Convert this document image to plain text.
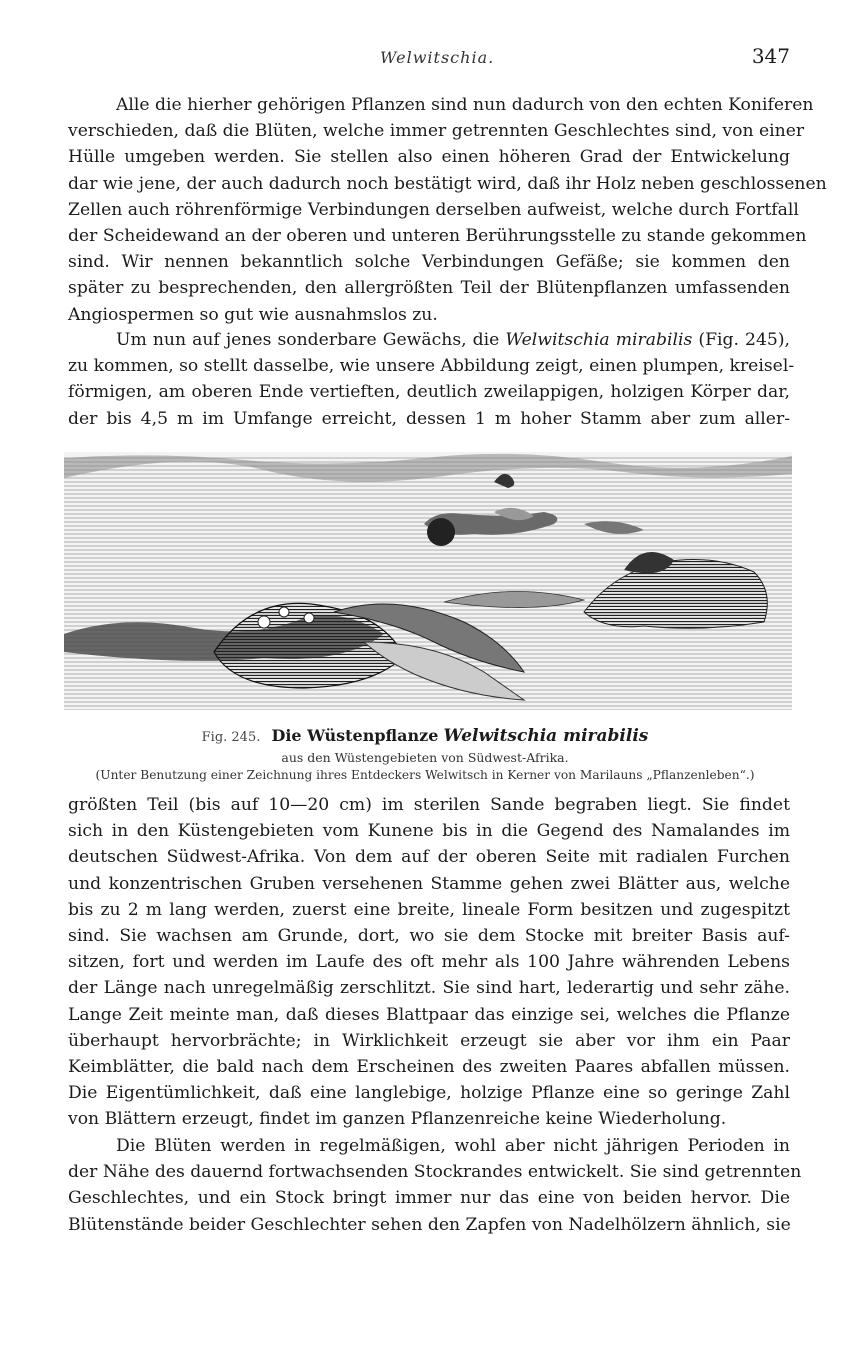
Welwitschia.	347
Alle die hierher gehörigen Pflanzen sind nun dadurch von den echten Koniferen
verschieden, daß die Blüten, welche immer getrennten Geschlechtes sind, von einer
Hülle umgeben werden. Sie stellen also einen höheren Grad der Entwickelung
dar wie jene, der auch dadurch noch bestätigt wird, daß ihr Holz neben geschlossenen
Zellen auch röhrenförmige Verbindungen derselben aufweist, welche durch Fortfall
der Scheidewand an der oberen und unteren Berührungsstelle zu stande gekommen
sind. Wir nennen bekanntlich solche Verbindungen Gefäße; sie kommen den
später zu besprechenden, den allergrößten Teil der Blütenpflanzen umfassenden
Angiospermen so gut wie ausnahmslos zu.
Um nun auf jenes sonderbare Gewächs, die Welwitschia mirabilis (Fig. 245),
zu kommen, so stellt dasselbe, wie unsere Abbildung zeigt, einen plumpen, kreisel-
förmigen, am oberen Ende vertieften, deutlich zweilappigen, holzigen Körper dar,
der bis 4,5 m im Umfange erreicht, dessen 1 m hoher Stamm aber zum aller-
Fig. 245. Die Wüstenpflanze Welwitschia mirabilis
aus den Wüstengebieten von Südwest-Afrika.
(Unter Benutzung einer Zeichnung ihres Entdeckers Welwitsch in Kerner von Marilauns „Pflanzenleben“.)
größten Teil (bis auf 10—20 cm) im sterilen Sande begraben liegt. Sie findet
sich in den Küstengebieten vom Kunene bis in die Gegend des Namalandes im
deutschen Südwest-Afrika. Von dem auf der oberen Seite mit radialen Furchen
und konzentrischen Gruben versehenen Stamme gehen zwei Blätter aus, welche
bis zu 2 m lang werden, zuerst eine breite, lineale Form besitzen und zugespitzt
sind. Sie wachsen am Grunde, dort, wo sie dem Stocke mit breiter Basis auf-
sitzen, fort und werden im Laufe des oft mehr als 100 Jahre währenden Lebens
der Länge nach unregelmäßig zerschlitzt. Sie sind hart, lederartig und sehr zähe.
Lange Zeit meinte man, daß dieses Blattpaar das einzige sei, welches die Pflanze
überhaupt hervorbrächte; in Wirklichkeit erzeugt sie aber vor ihm ein Paar
Keimblätter, die bald nach dem Erscheinen des zweiten Paares abfallen müssen.
Die Eigentümlichkeit, daß eine langlebige, holzige Pflanze eine so geringe Zahl
von Blättern erzeugt, findet im ganzen Pflanzenreiche keine Wiederholung.
Die Blüten werden in regelmäßigen, wohl aber nicht jährigen Perioden in
der Nähe des dauernd fortwachsenden Stockrandes entwickelt. Sie sind getrennten
Geschlechtes, und ein Stock bringt immer nur das eine von beiden hervor. Die
Blütenstände beider Geschlechter sehen den Zapfen von Nadelhölzern ähnlich, sie
